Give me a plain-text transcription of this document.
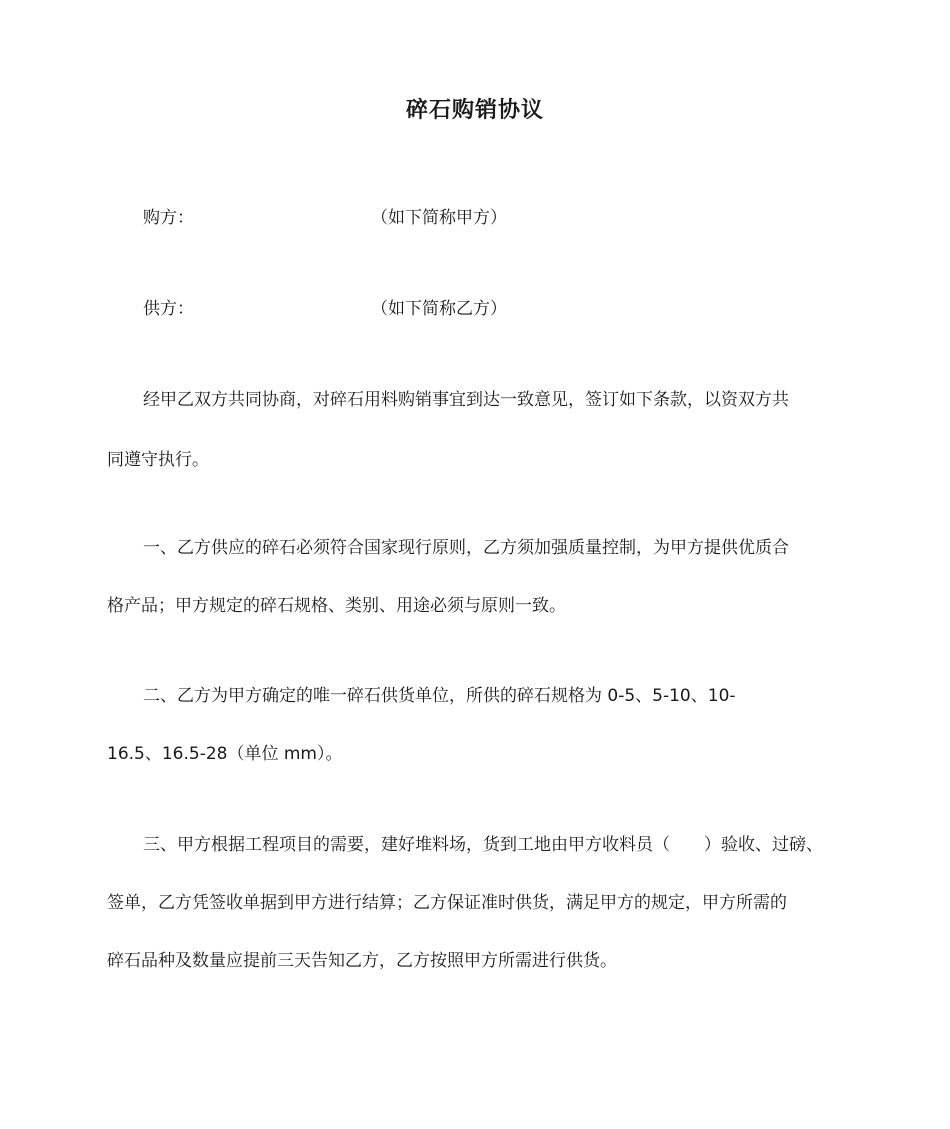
碎石购销协议
购方：	（如下简称甲方）
供方：	（如下简称乙方）
经甲乙双方共同协商，对碎石用料购销事宜到达一致意见，签订如下条款，以资双方共
同遵守执行。
一、乙方供应的碎石必须符合国家现行原则，乙方须加强质量控制，为甲方提供优质合
格产品；甲方规定的碎石规格、类别、用途必须与原则一致。
二、乙方为甲方确定的唯一碎石供货单位，所供的碎石规格为 0-5、5-10、10-
16.5、16.5-28（单位 mm）。
三、甲方根据工程项目的需要，建好堆料场，货到工地由甲方收料员（　　）验收、过磅、
签单，乙方凭签收单据到甲方进行结算；乙方保证准时供货，满足甲方的规定，甲方所需的
碎石品种及数量应提前三天告知乙方，乙方按照甲方所需进行供货。
